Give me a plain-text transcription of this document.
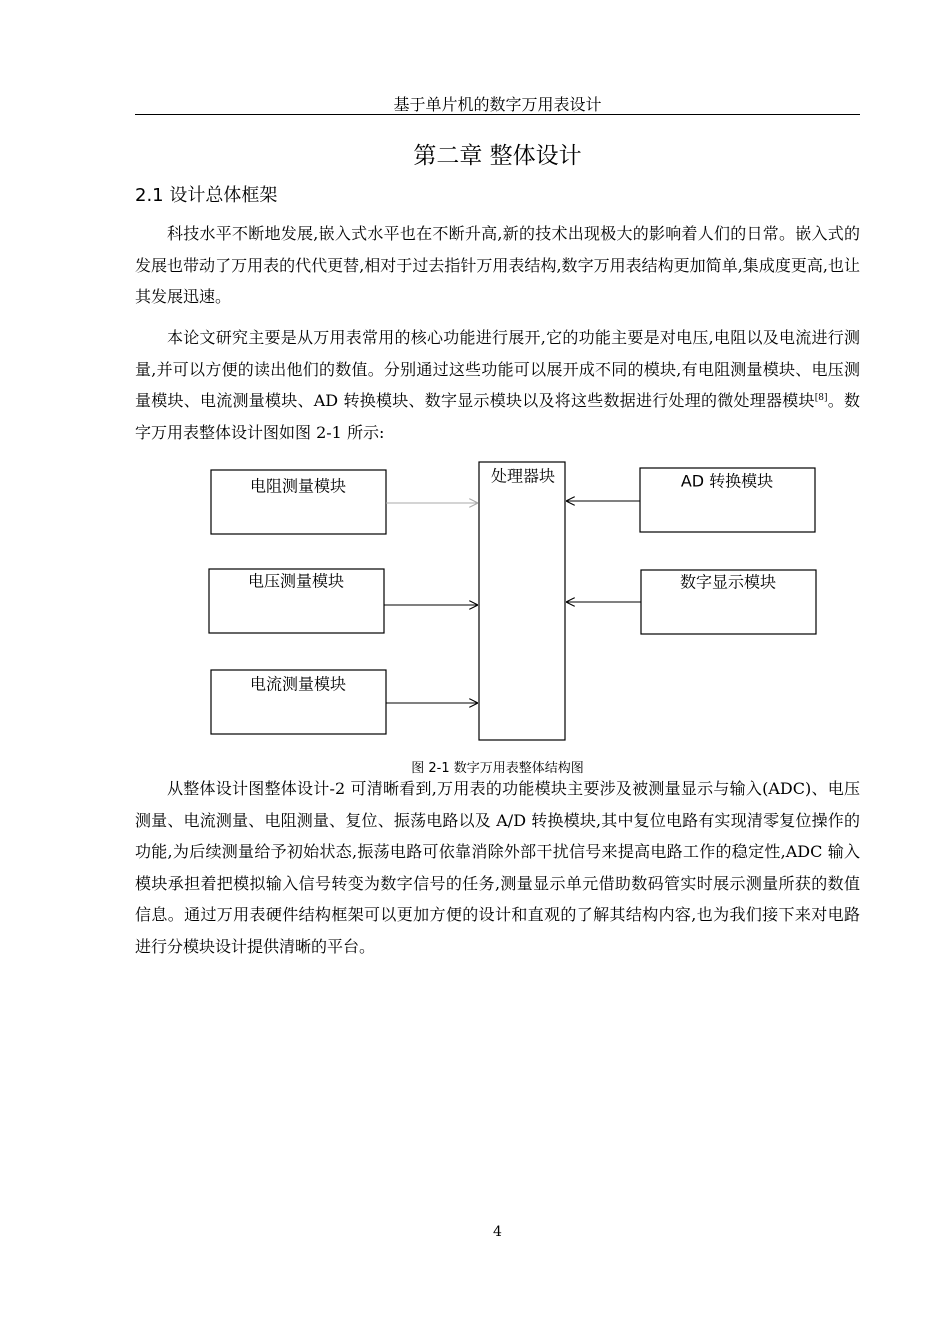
基于单片机的数字万用表设计
第二章 整体设计
2.1 设计总体框架

科技水平不断地发展,嵌入式水平也在不断升高,新的技术出现极大的影响着人们的日常。嵌入式的发展也带动了万用表的代代更替,相对于过去指针万用表结构,数字万用表结构更加简单,集成度更高,也让其发展迅速。

本论文研究主要是从万用表常用的核心功能进行展开,它的功能主要是对电压,电阻以及电流进行测量,并可以方便的读出他们的数值。分别通过这些功能可以展开成不同的模块,有电阻测量模块、电压测量模块、电流测量模块、AD 转换模块、数字显示模块以及将这些数据进行处理的微处理器模块[8]。数字万用表整体设计图如图 2-1 所示:

电阻测量模块
电压测量模块
电流测量模块
处理器块	AD 转换模块
数字显示模块
图 2-1 数字万用表整体结构图

从整体设计图整体设计-2 可清晰看到,万用表的功能模块主要涉及被测量显示与输入(ADC)、电压测量、电流测量、电阻测量、复位、振荡电路以及 A/D 转换模块,其中复位电路有实现清零复位操作的功能,为后续测量给予初始状态,振荡电路可依靠消除外部干扰信号来提高电路工作的稳定性,ADC 输入模块承担着把模拟输入信号转变为数字信号的任务,测量显示单元借助数码管实时展示测量所获的数值信息。通过万用表硬件结构框架可以更加方便的设计和直观的了解其结构内容,也为我们接下来对电路进行分模块设计提供清晰的平台。

4
